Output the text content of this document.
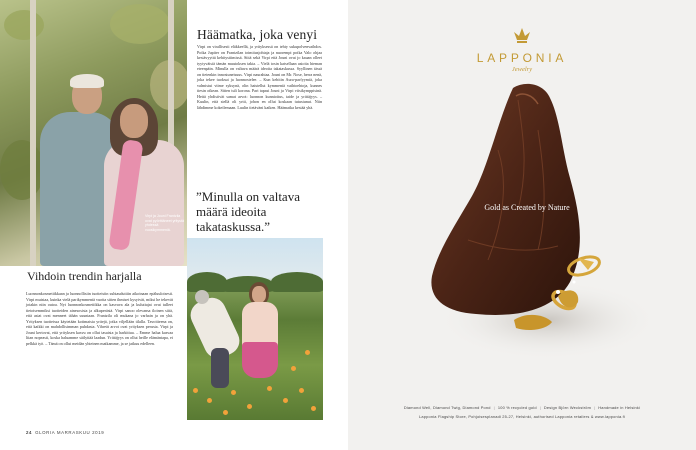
Virpi ja Jouni Frantzila ovat pyörittäneet yritystä yhdessä vuosikymmeniä.
Häämatka, joka venyi
Virpi on virallisesti eläkkeellä, ja yrityksessä on tehty sukupolvenvaihdos. Poika Jupiter on Frantzilan toimitusjohtaja ja nuorempi poika Valo ohjaa kestävyyttä kehitystiimissä. Siitä sekä Virpi että Jouni ovat jo kauan olleet tyytyväisiä tämän muutoksen takia. – Vielä tosin katsellaan asioita hieman eteenpäin. Minulla on valtava määrä ideoita takataskussa. Syyllinen tässä on tietenkin innostuneisuus. Virpi naurahtaa. Jouni on Mr. Nose, herra nenä, joka tekee tuoksut ja luonnostelee. – Kun kehitin Aura-parfyymiä, joka valmistui viime syksynä, olin haistellut kymmeniä vaihtoehtoja, kunnes tiesin oikean. Sitten tuli korona. Pari tapasi Jouni ja Virpi viisikymppisinä. Heitä yhdistivät samat arvot: luonnon kunnioitus, taide ja yrittäjyys. – Kuulin, että siellä oli yrtti, johon en ollut koskaan tutustunut. Niin lähdimme kokeilemaan. Luulin tietäväni kaiken. Häämatka kestää yhä.
”Minulla on valtava määrä ideoita takataskussa.”
Vihdoin trendin harjalla
Luonnonkosmetiikkaan ja luonnollisiin tuotteisiin suhtauduttiin aikoinaan epäluuloisesti. Virpi muistaa, kuinka vielä parikymmentä vuotta sitten ihmiset kysyivät, miksi he tekevät jotakin niin outoa. Nyt luonnonkosmetiikka on kasvava ala ja kuluttajat ovat tulleet tietoisemmiksi tuotteiden ainesosista ja alkuperästä. Virpi sanoo olevansa iloinen siitä, että asiat ovat menneet tähän suuntaan. Frantzila oli mukana jo varhain ja on yhä. Yrityksen tuotteissa käytetään kotimaisia yrttejä, jotka viljellään tilalla. Tavoitteena on, että kaikki on mahdollisimman puhdasta. Vihreät arvot ovat yrityksen perusta. Virpi ja Jouni kertovat, että yrityksen kasvu on ollut tasaista ja harkittua. – Emme halua kasvaa liian nopeasti, koska haluamme säilyttää laadun. Yrittäjyys on ollut heille elämäntapa, ei pelkkä työ. – Tämä on ollut meidän yhteinen matkamme, ja se jatkuu edelleen.
24 GLORIA MARRASKUU 2019
LAPPONIA
Jewelry
Gold as Created by Nature
Diamond Well, Diamond Twig, Diamond Pond | 100 % recycled gold | Design Björn Weckström | Handmade in Helsinki
Lapponia Flagship Store, Pohjoisesplanadi 25-27, Helsinki, authorised Lapponia retailers & www.lapponia.fi
